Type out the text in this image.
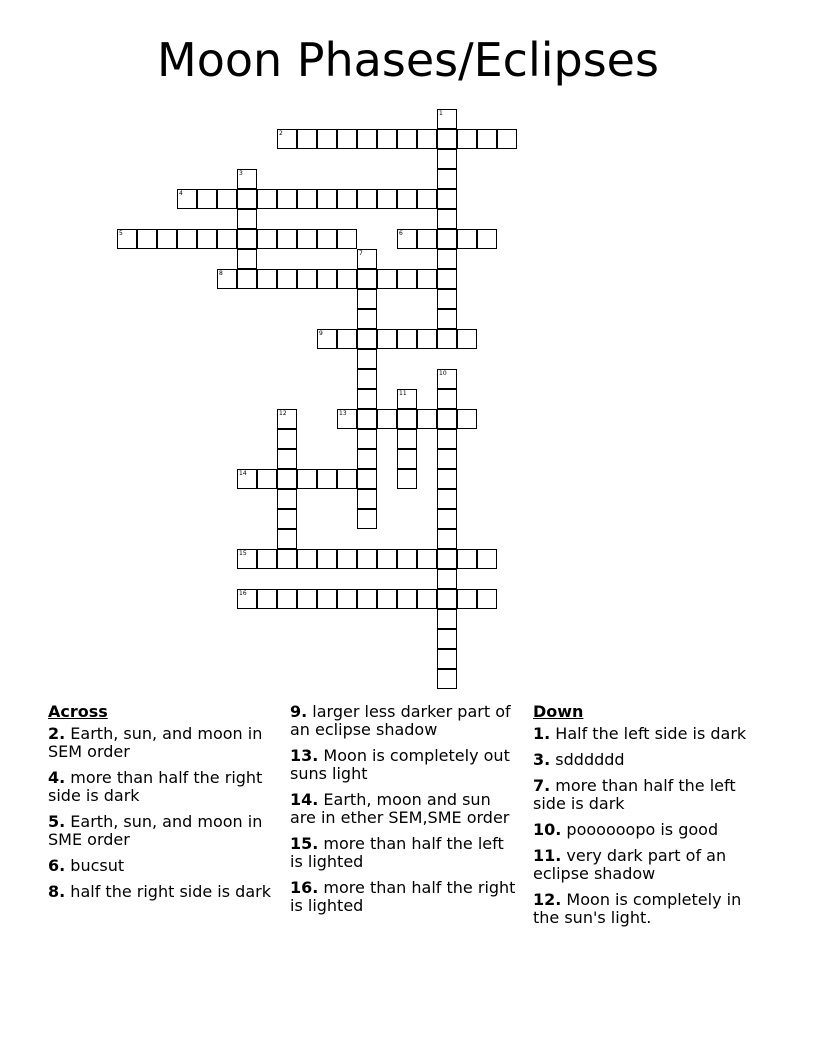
Moon Phases/Eclipses
1
2
3
4
5	6
7
8
9
10
11
12	13
14
15
16
Across
2. Earth, sun, and moon in SEM order
4. more than half the right side is dark
5. Earth, sun, and moon in SME order
6. bucsut
8. half the right side is dark
9. larger less darker part of an eclipse shadow
13. Moon is completely out suns light
14. Earth, moon and sun are in ether SEM,SME order
15. more than half the left is lighted
16. more than half the right is lighted
Down
1. Half the left side is dark
3. sdddddd
7. more than half the left side is dark
10. poooooopo is good
11. very dark part of an eclipse shadow
12. Moon is completely in the sun's light.
